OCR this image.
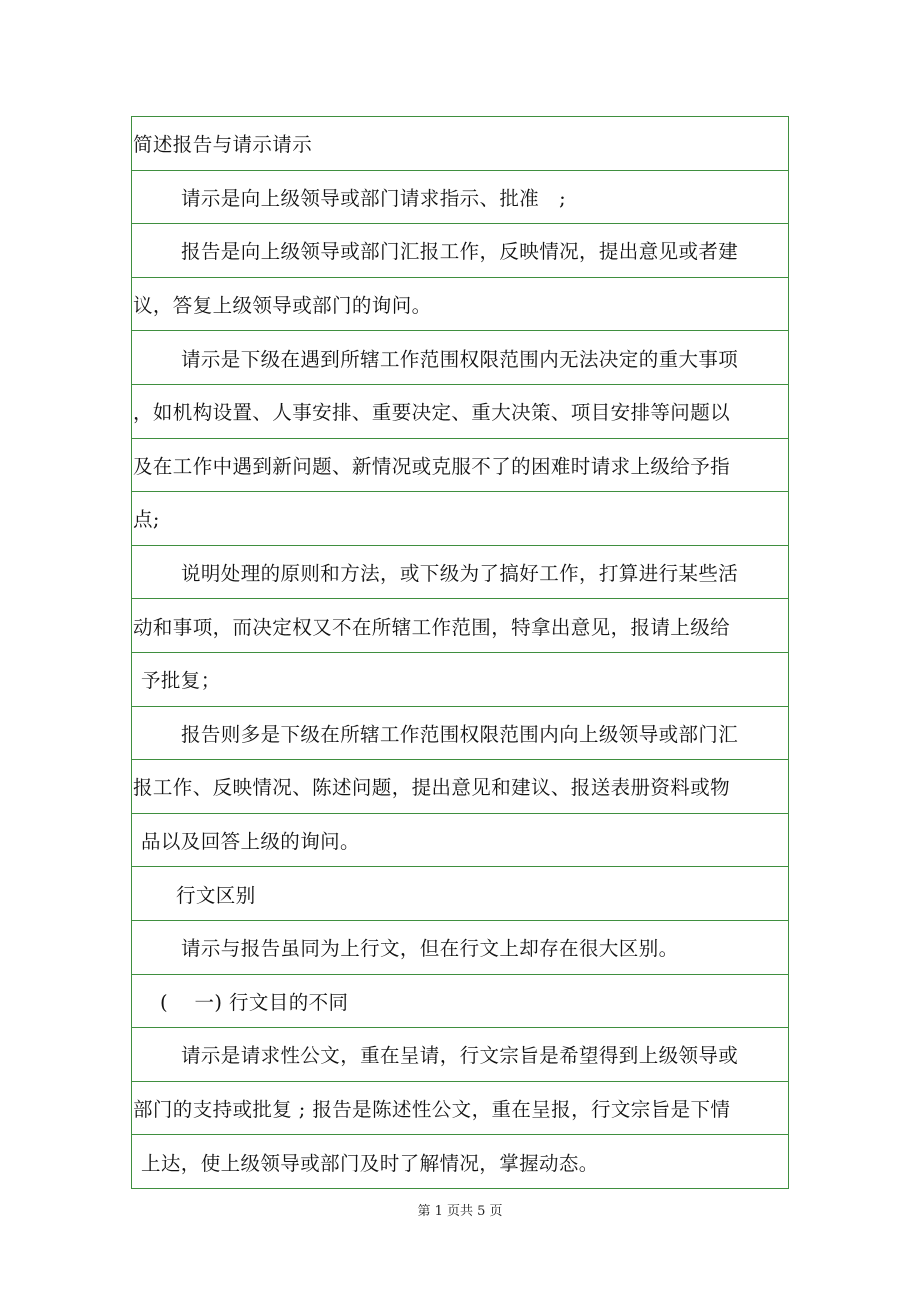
简述报告与请示请示
请示是向上级领导或部门请求指示、批准　;
报告是向上级领导或部门汇报工作，反映情况，提出意见或者建
议，答复上级领导或部门的询问。
请示是下级在遇到所辖工作范围权限范围内无法决定的重大事项
，如机构设置、人事安排、重要决定、重大决策、项目安排等问题以
及在工作中遇到新问题、新情况或克服不了的困难时请求上级给予指
点;
说明处理的原则和方法，或下级为了搞好工作，打算进行某些活
动和事项，而决定权又不在所辖工作范围，特拿出意见，报请上级给
予批复；
报告则多是下级在所辖工作范围权限范围内向上级领导或部门汇
报工作、反映情况、陈述问题，提出意见和建议、报送表册资料或物
品以及回答上级的询问。
行文区别
请示与报告虽同为上行文，但在行文上却存在很大区别。
(　 一) 行文目的不同
请示是请求性公文，重在呈请，行文宗旨是希望得到上级领导或
部门的支持或批复 ; 报告是陈述性公文，重在呈报，行文宗旨是下情
上达，使上级领导或部门及时了解情况，掌握动态。
第 1 页共 5 页
